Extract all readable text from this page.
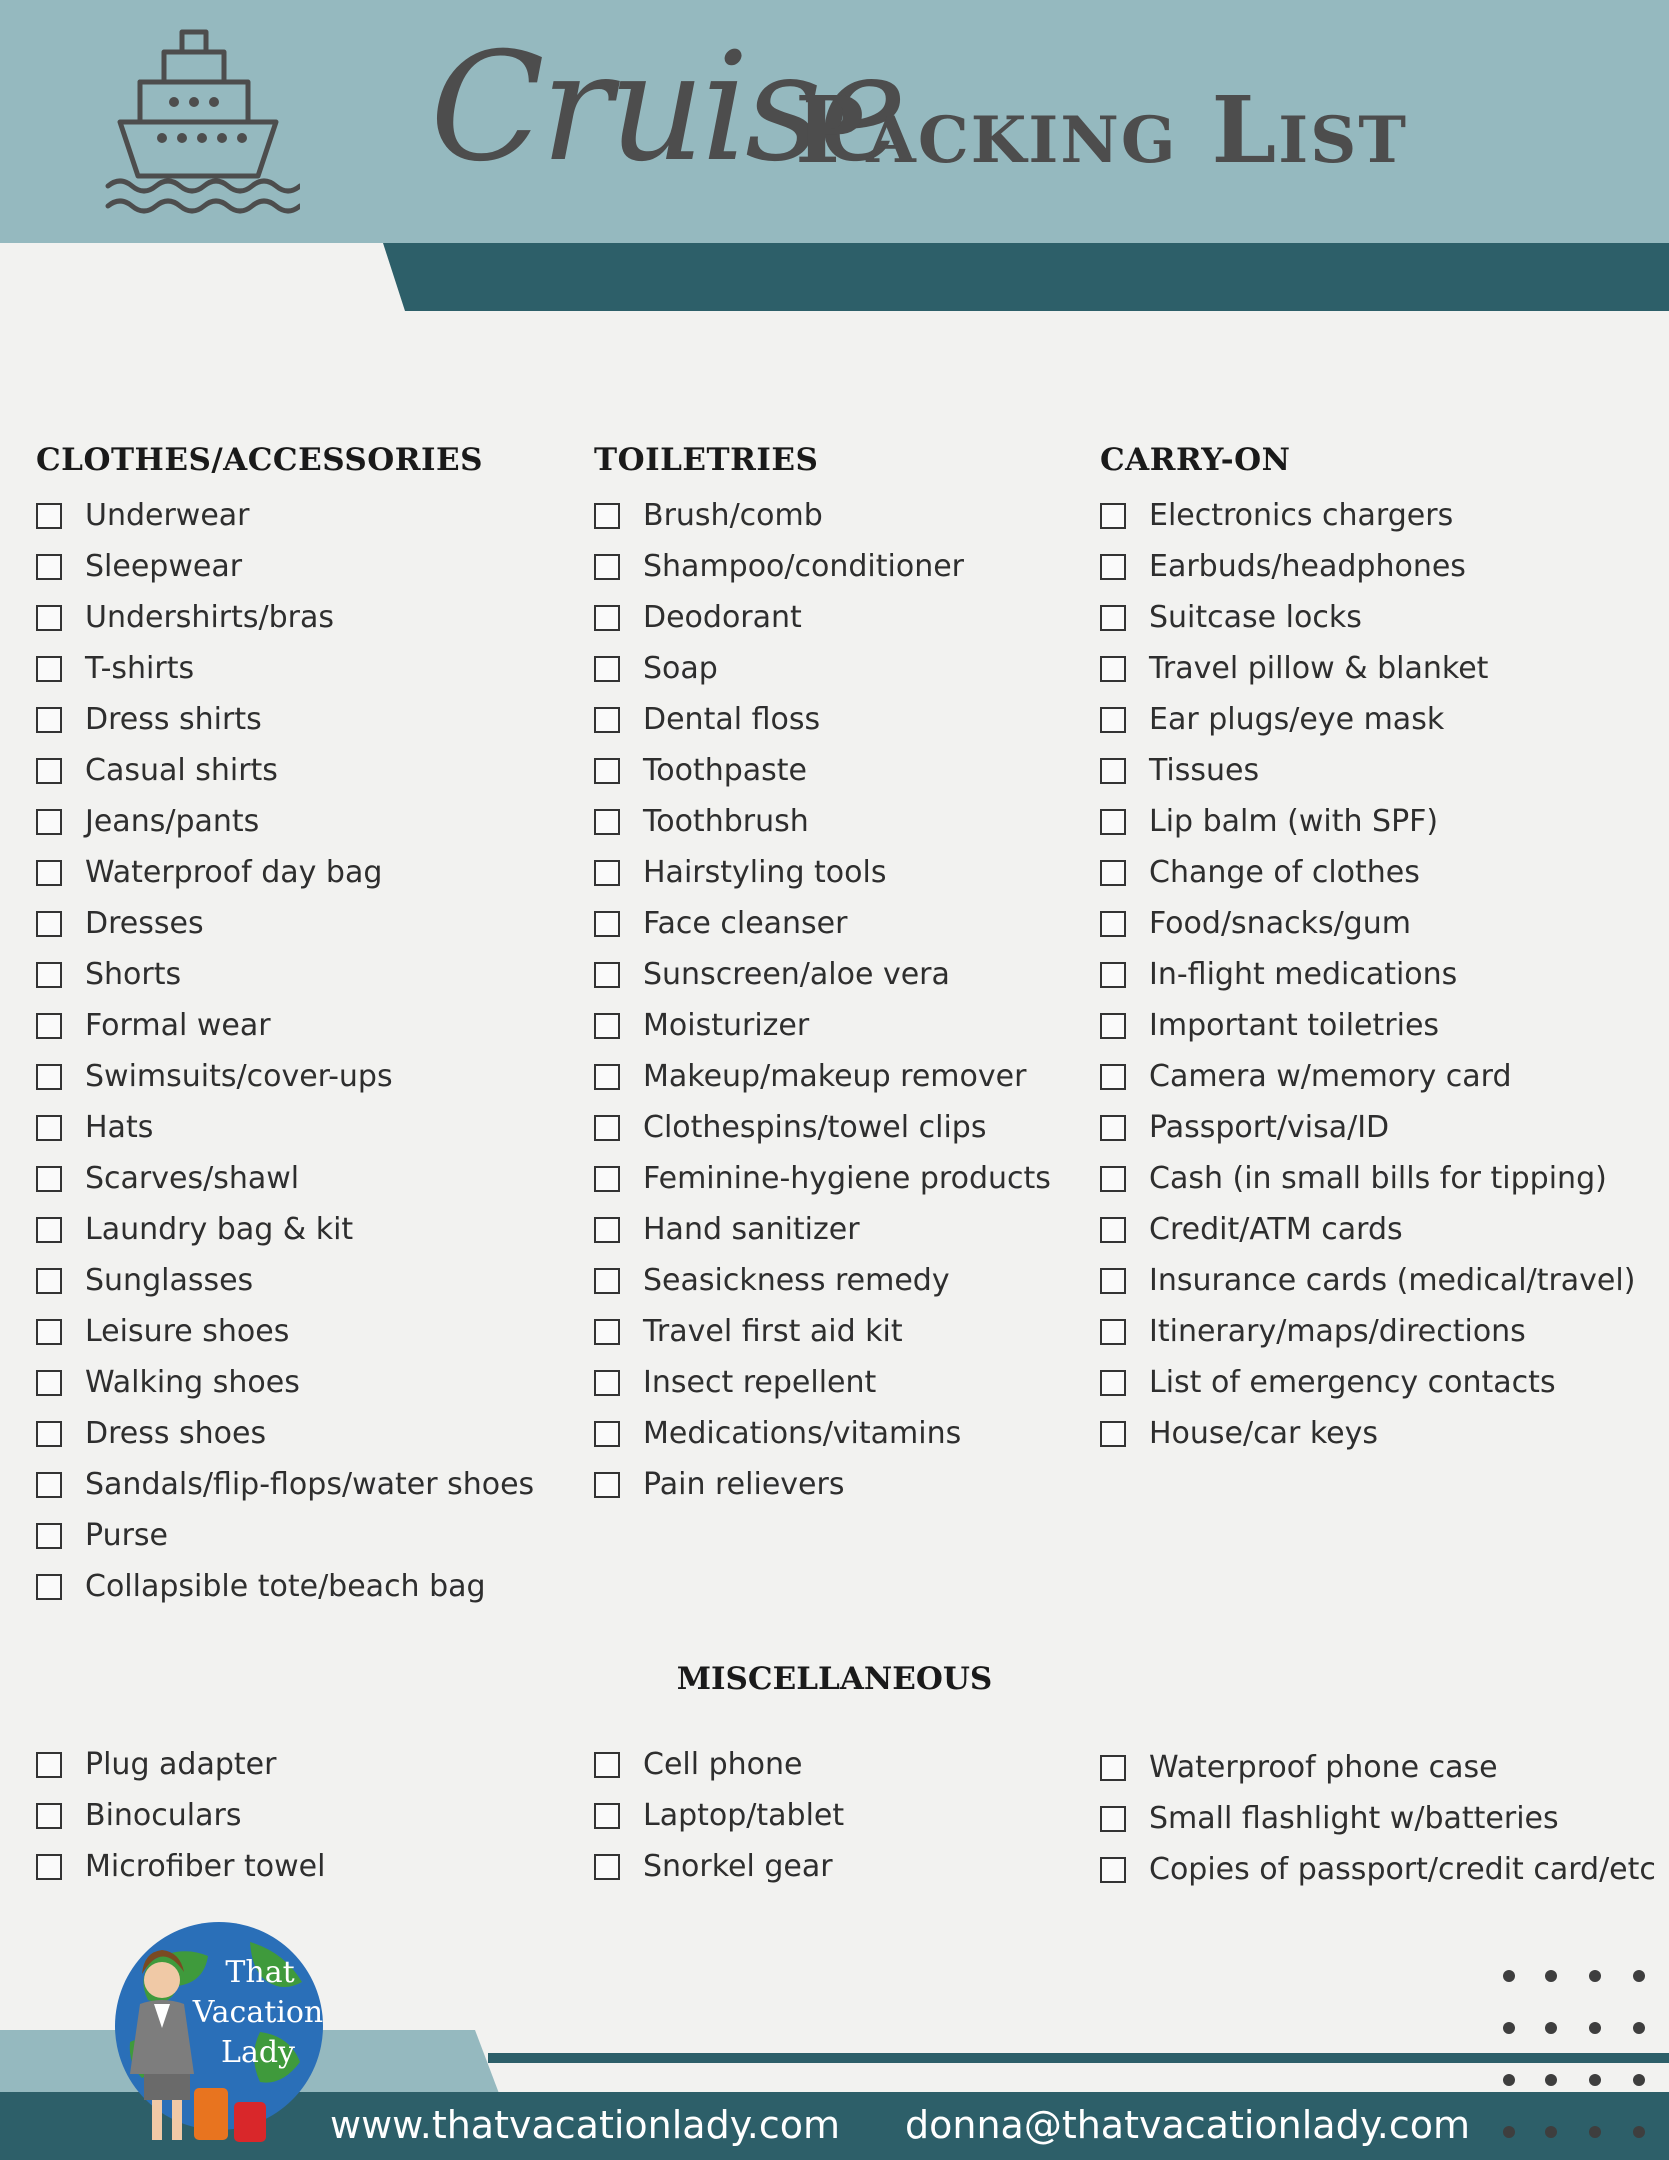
Cruise
Packing List
CLOTHES/ACCESSORIES
Underwear
Sleepwear
Undershirts/bras
T-shirts
Dress shirts
Casual shirts
Jeans/pants
Waterproof day bag
Dresses
Shorts
Formal wear
Swimsuits/cover-ups
Hats
Scarves/shawl
Laundry bag & kit
Sunglasses
Leisure shoes
Walking shoes
Dress shoes
Sandals/flip-flops/water shoes
Purse
Collapsible tote/beach bag
TOILETRIES
Brush/comb
Shampoo/conditioner
Deodorant
Soap
Dental floss
Toothpaste
Toothbrush
Hairstyling tools
Face cleanser
Sunscreen/aloe vera
Moisturizer
Makeup/makeup remover
Clothespins/towel clips
Feminine-hygiene products
Hand sanitizer
Seasickness remedy
Travel first aid kit
Insect repellent
Medications/vitamins
Pain relievers
CARRY-ON
Electronics chargers
Earbuds/headphones
Suitcase locks
Travel pillow & blanket
Ear plugs/eye mask
Tissues
Lip balm (with SPF)
Change of clothes
Food/snacks/gum
In-flight medications
Important toiletries
Camera w/memory card
Passport/visa/ID
Cash (in small bills for tipping)
Credit/ATM cards
Insurance cards (medical/travel)
Itinerary/maps/directions
List of emergency contacts
House/car keys
MISCELLANEOUS
Plug adapter
Binoculars
Microfiber towel
Cell phone
Laptop/tablet
Snorkel gear
Waterproof phone case
Small flashlight w/batteries
Copies of passport/credit card/etc
That
Vacation
Lady
www.thatvacationlady.com donna@thatvacationlady.com
